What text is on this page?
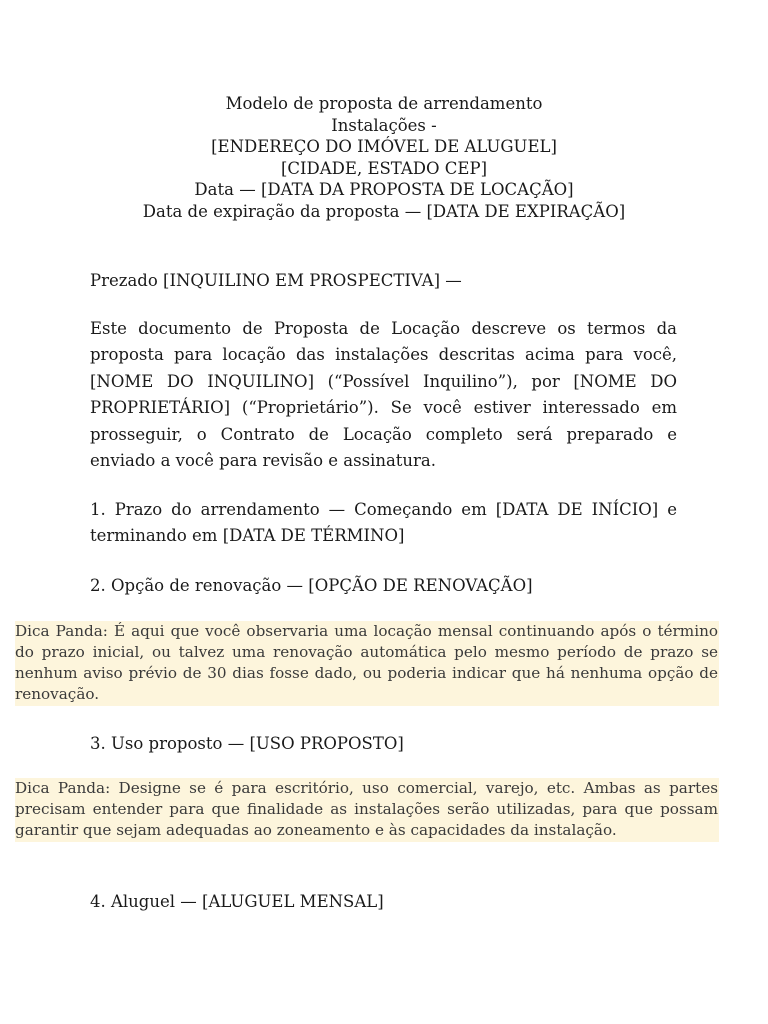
Modelo de proposta de arrendamento
Instalações -
[ENDEREÇO DO IMÓVEL DE ALUGUEL]
[CIDADE, ESTADO CEP]
Data — [DATA DA PROPOSTA DE LOCAÇÃO]
Data de expiração da proposta — [DATA DE EXPIRAÇÃO]
Prezado [INQUILINO EM PROSPECTIVA] —
Este documento de Proposta de Locação descreve os termos da proposta para locação das instalações descritas acima para você, [NOME DO INQUILINO] (“Possível Inquilino”), por [NOME DO PROPRIETÁRIO] (“Proprietário”). Se você estiver interessado em prosseguir, o Contrato de Locação completo será preparado e enviado a você para revisão e assinatura.
1. Prazo do arrendamento — Começando em [DATA DE INÍCIO] e terminando em [DATA DE TÉRMINO]
2. Opção de renovação — [OPÇÃO DE RENOVAÇÃO]
Dica Panda: É aqui que você observaria uma locação mensal continuando após o término do prazo inicial, ou talvez uma renovação automática pelo mesmo período de prazo se nenhum aviso prévio de 30 dias fosse dado, ou poderia indicar que há nenhuma opção de renovação.
3. Uso proposto — [USO PROPOSTO]
Dica Panda: Designe se é para escritório, uso comercial, varejo, etc. Ambas as partes precisam entender para que finalidade as instalações serão utilizadas, para que possam garantir que sejam adequadas ao zoneamento e às capacidades da instalação.
4. Aluguel — [ALUGUEL MENSAL]
